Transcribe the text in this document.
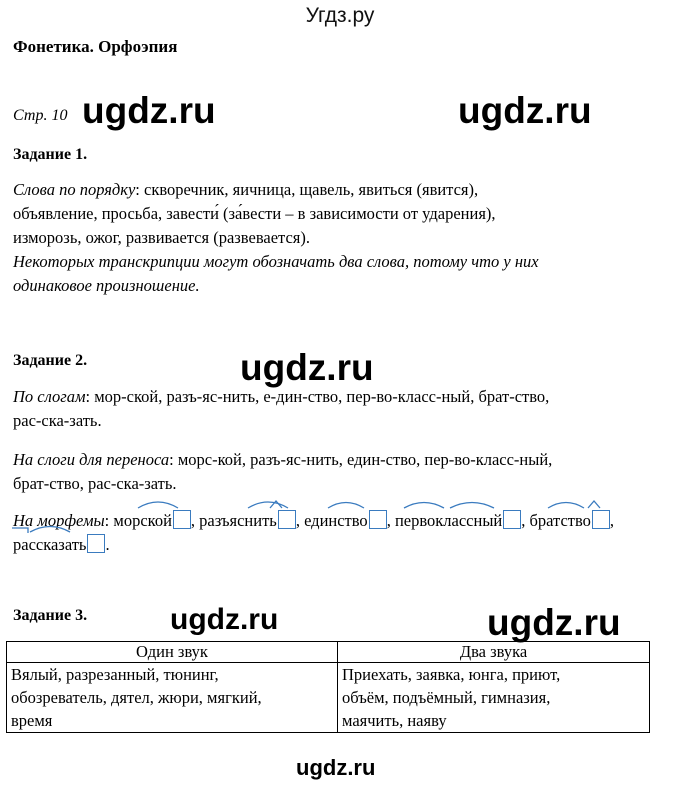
Угдз.ру
Фонетика. Орфоэпия
Стр. 10 ugdz.ru	ugdz.ru
ugdz.ru
ugdz.ru	ugdz.ru
ugdz.ru
Задание 1.
Слова по порядку: скворечник, яичница, щавель, явиться (явится),
объявление, просьба, завести́ (за́вести – в зависимости от ударения),
изморозь, ожог, развивается (развевается).
Некоторых транскрипции могут обозначать два слова, потому что у них
одинаковое произношение.
Задание 2.
По слогам: мор-ской, разъ-яс-нить, е-дин-ство, пер-во-класс-ный, брат-ство,
рас-ска-зать.
На слоги для переноса: морс-кой, разъ-яс-нить, един-ство, пер-во-класс-ный,
брат-ство, рас-ска-зать.
На морфемы: морской , разъяснить , единство , первоклассный , братство ,
рассказать .
Задание 3.
Один звук	Два звука

Вялый, разрезанный, тюнинг,
обозреватель, дятел, жюри, мягкий,
время	Приехать, заявка, юнга, приют,
объём, подъёмный, гимназия,
маячить, наяву
